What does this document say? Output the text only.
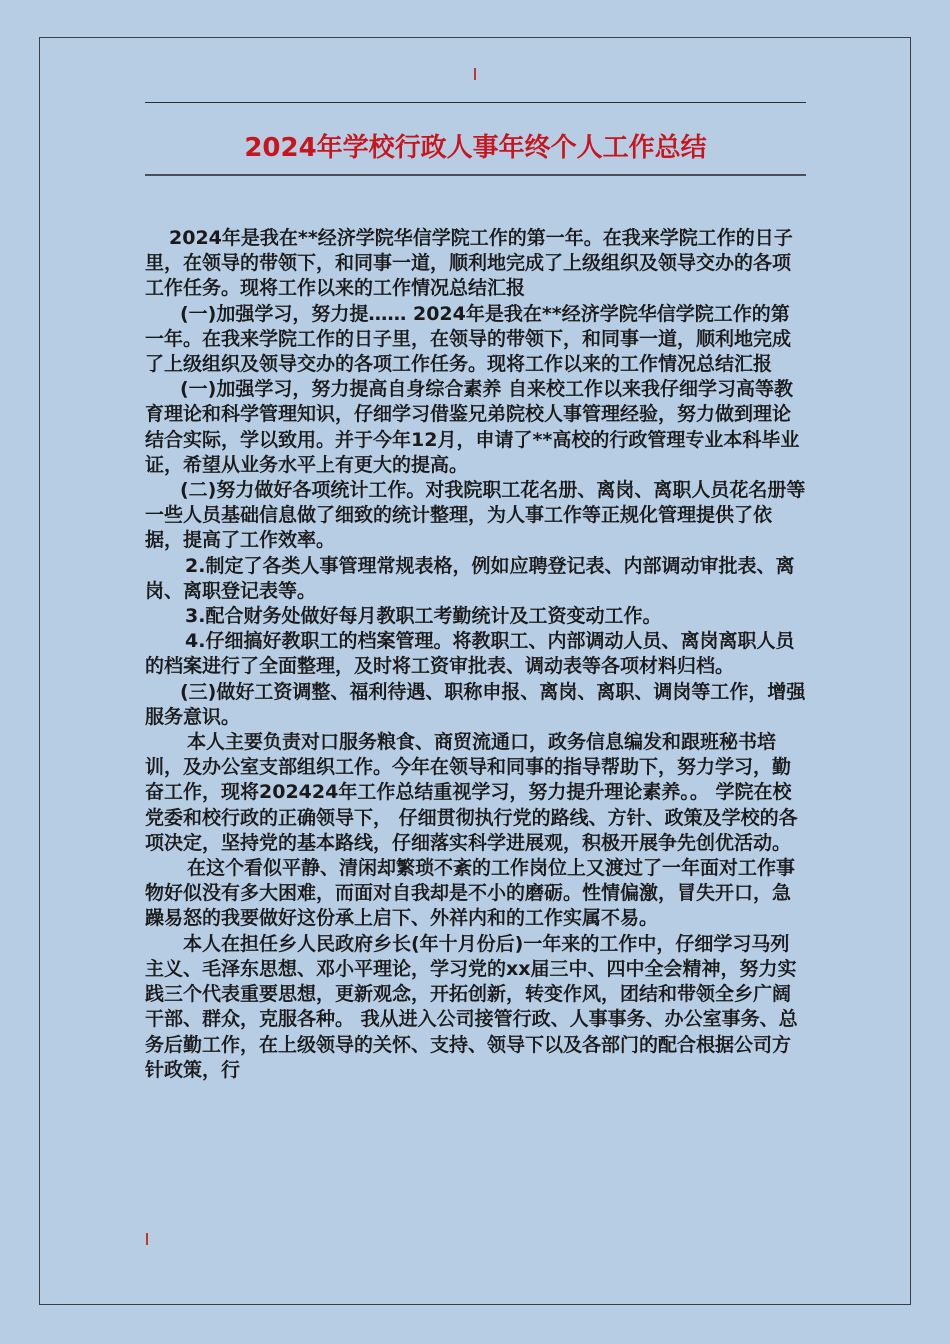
2024年学校行政人事年终个人工作总结

2024年是我在**经济学院华信学院工作的第一年。在我来学院工作的日子里，在领导的带领下，和同事一道，顺利地完成了上级组织及领导交办的各项工作任务。现将工作以来的工作情况总结汇报

(一)加强学习，努力提…… 2024年是我在**经济学院华信学院工作的第一年。在我来学院工作的日子里，在领导的带领下，和同事一道，顺利地完成了上级组织及领导交办的各项工作任务。现将工作以来的工作情况总结汇报

(一)加强学习，努力提高自身综合素养 自来校工作以来我仔细学习高等教育理论和科学管理知识，仔细学习借鉴兄弟院校人事管理经验，努力做到理论结合实际，学以致用。并于今年12月，申请了**高校的行政管理专业本科毕业证，希望从业务水平上有更大的提高。

(二)努力做好各项统计工作。对我院职工花名册、离岗、离职人员花名册等一些人员基础信息做了细致的统计整理，为人事工作等正规化管理提供了依据，提高了工作效率。

2.制定了各类人事管理常规表格，例如应聘登记表、内部调动审批表、离岗、离职登记表等。

3.配合财务处做好每月教职工考勤统计及工资变动工作。

4.仔细搞好教职工的档案管理。将教职工、内部调动人员、离岗离职人员的档案进行了全面整理，及时将工资审批表、调动表等各项材料归档。

(三)做好工资调整、福利待遇、职称申报、离岗、离职、调岗等工作，增强服务意识。

本人主要负责对口服务粮食、商贸流通口，政务信息编发和跟班秘书培训，及办公室支部组织工作。今年在领导和同事的指导帮助下，努力学习，勤奋工作，现将202424年工作总结重视学习，努力提升理论素养。。 学院在校党委和校行政的正确领导下， 仔细贯彻执行党的路线、方针、政策及学校的各项决定，坚持党的基本路线，仔细落实科学进展观，积极开展争先创优活动。

在这个看似平静、清闲却繁琐不紊的工作岗位上又渡过了一年面对工作事物好似没有多大困难，而面对自我却是不小的磨砺。性情偏激，冒失开口，急躁易怒的我要做好这份承上启下、外祥内和的工作实属不易。

本人在担任乡人民政府乡长(年十月份后)一年来的工作中，仔细学习马列主义、毛泽东思想、邓小平理论，学习党的xx届三中、四中全会精神，努力实践三个代表重要思想，更新观念，开拓创新，转变作风，团结和带领全乡广阔干部、群众，克服各种。 我从进入公司接管行政、人事事务、办公室事务、总务后勤工作，在上级领导的关怀、支持、领导下以及各部门的配合根据公司方针政策，行
